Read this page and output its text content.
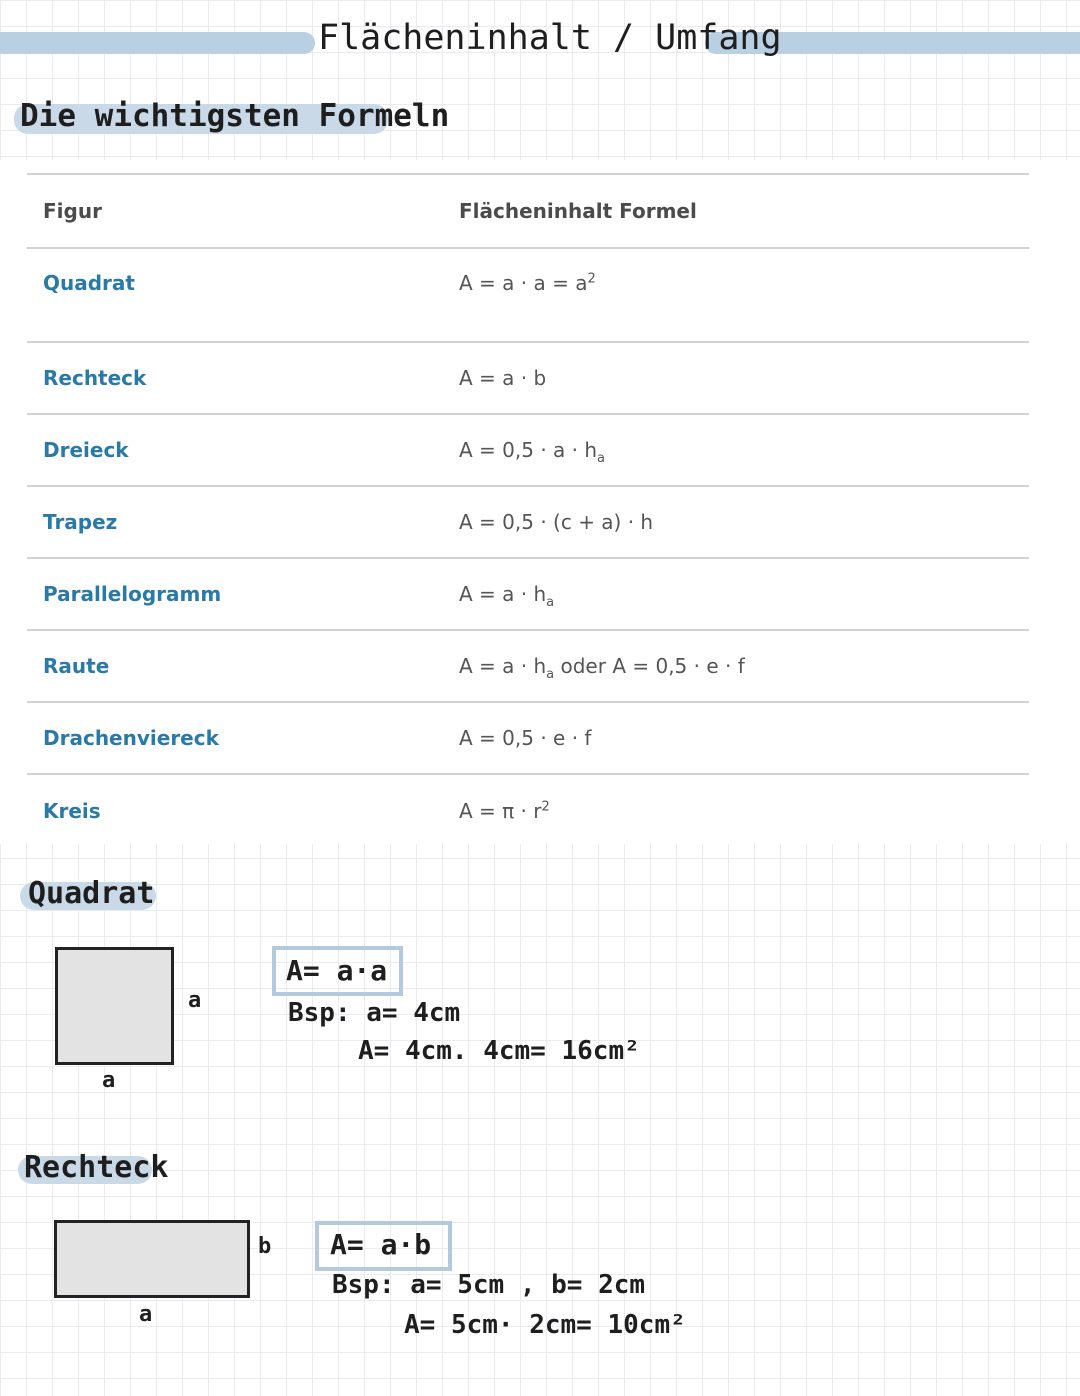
Flächeninhalt / Umfang
Die wichtigsten Formeln
Figur	Flächeninhalt Formel
Quadrat	$A = a \cdot a = a^2$
Rechteck	A = a · b
Dreieck	$A = 0,5 \cdot a \cdot h_a$
Trapez	A = 0,5 · (c + a) · h
Parallelogramm	$A = a \cdot h_a$
Raute	$A = a \cdot h_a$ oder A = 0,5 · e · f
Drachenviereck	A = 0,5 · e · f
Kreis	$A = \pi \cdot r^2$
Quadrat
a
a
A= a·a
Bsp: a= 4cm
A= 4cm. 4cm= 16cm²
Rechteck
b
a
A= a·b
Bsp: a= 5cm , b= 2cm
A= 5cm· 2cm= 10cm²
